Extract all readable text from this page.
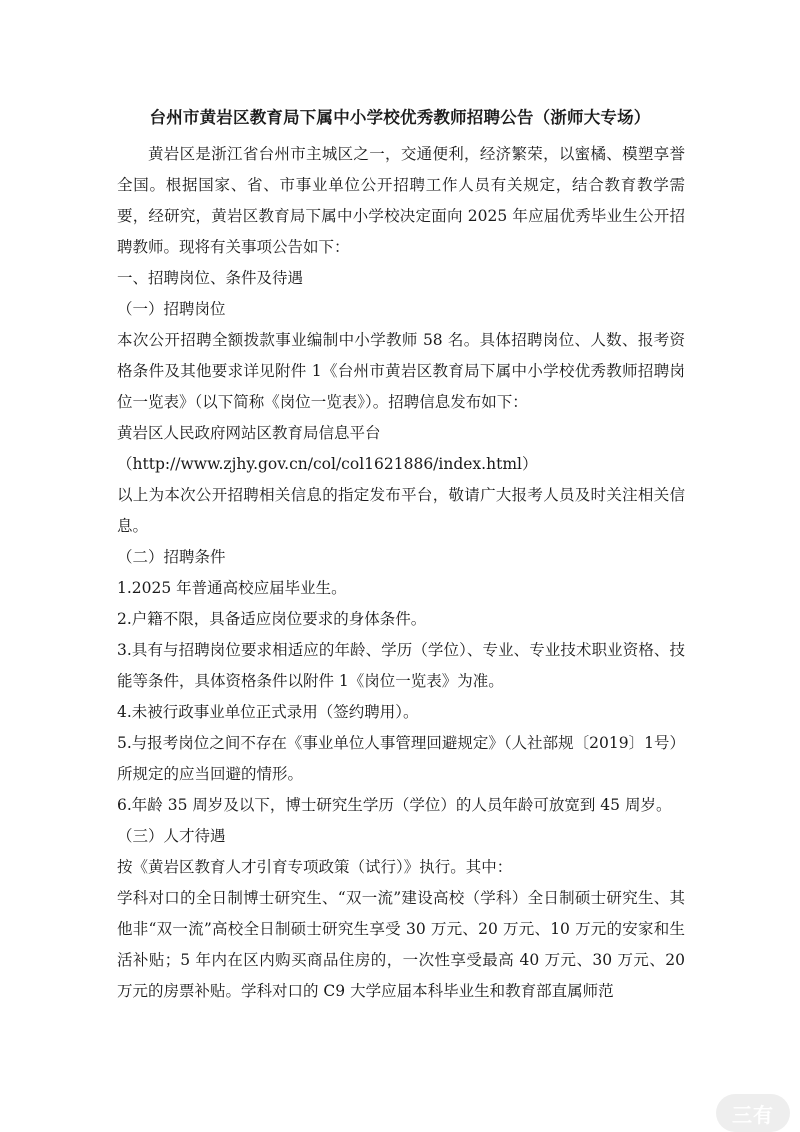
台州市黄岩区教育局下属中小学校优秀教师招聘公告（浙师大专场）

黄岩区是浙江省台州市主城区之一，交通便利，经济繁荣，以蜜橘、模塑享誉全国。根据国家、省、市事业单位公开招聘工作人员有关规定，结合教育教学需要，经研究，黄岩区教育局下属中小学校决定面向 2025 年应届优秀毕业生公开招聘教师。现将有关事项公告如下：

一、招聘岗位、条件及待遇

（一）招聘岗位

本次公开招聘全额拨款事业编制中小学教师 58 名。具体招聘岗位、人数、报考资格条件及其他要求详见附件 1《台州市黄岩区教育局下属中小学校优秀教师招聘岗位一览表》（以下简称《岗位一览表》）。招聘信息发布如下：

黄岩区人民政府网站区教育局信息平台

（http://www.zjhy.gov.cn/col/col1621886/index.html）

以上为本次公开招聘相关信息的指定发布平台，敬请广大报考人员及时关注相关信息。

（二）招聘条件

1.2025 年普通高校应届毕业生。

2.户籍不限，具备适应岗位要求的身体条件。

3.具有与招聘岗位要求相适应的年龄、学历（学位）、专业、专业技术职业资格、技能等条件，具体资格条件以附件 1《岗位一览表》为准。

4.未被行政事业单位正式录用（签约聘用）。

5.与报考岗位之间不存在《事业单位人事管理回避规定》（人社部规〔2019〕1号）所规定的应当回避的情形。

6.年龄 35 周岁及以下，博士研究生学历（学位）的人员年龄可放宽到 45 周岁。

（三）人才待遇

按《黄岩区教育人才引育专项政策（试行）》执行。其中：

学科对口的全日制博士研究生、“双一流”建设高校（学科）全日制硕士研究生、其他非“双一流”高校全日制硕士研究生享受 30 万元、20 万元、10 万元的安家和生活补贴；5 年内在区内购买商品住房的，一次性享受最高 40 万元、30 万元、20 万元的房票补贴。学科对口的 C9 大学应届本科毕业生和教育部直属师范

三有
